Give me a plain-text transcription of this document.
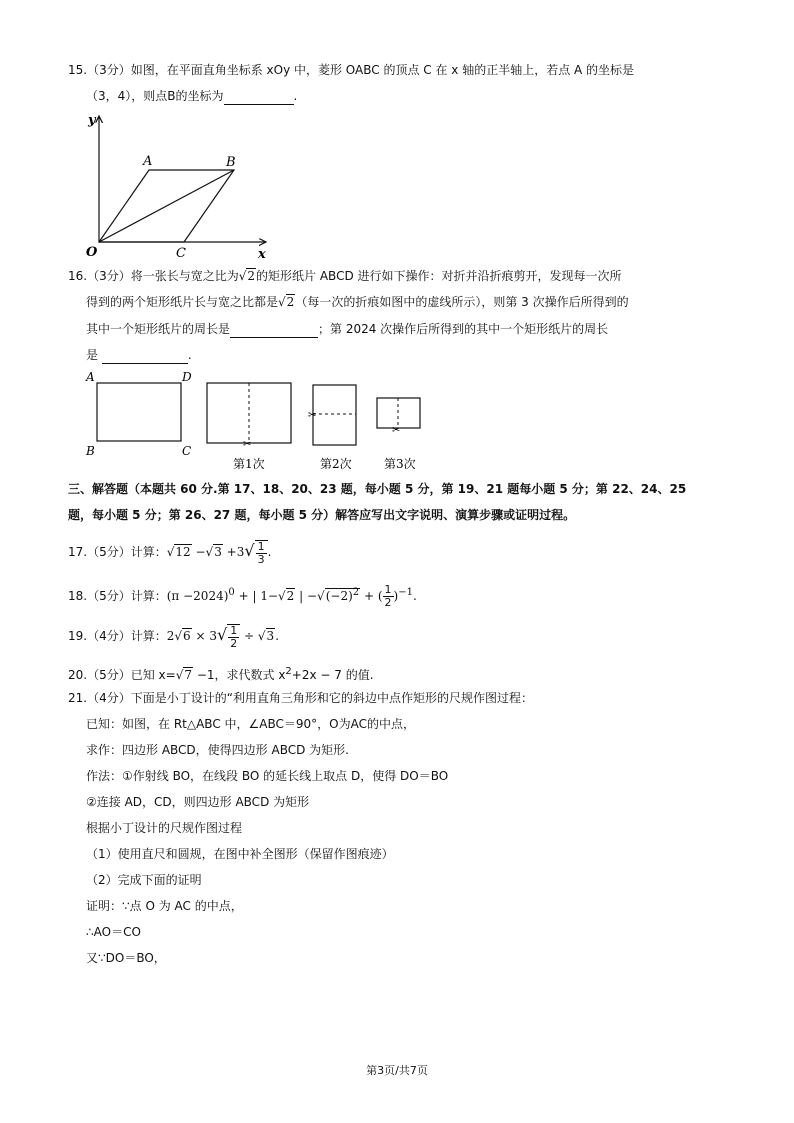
15.（3分）如图，在平面直角坐标系 xOy 中，菱形 OABC 的顶点 C 在 x 轴的正半轴上，若点 A 的坐标是
（3，4），则点B的坐标为	.
y
x
O
A	B
C
16.（3分）将一张长与宽之比为√2的矩形纸片 ABCD 进行如下操作：对折并沿折痕剪开，发现每一次所
得到的两个矩形纸片长与宽之比都是√2（每一次的折痕如图中的虚线所示），则第 3 次操作后所得到的
其中一个矩形纸片的周长是	；第 2024 次操作后所得到的其中一个矩形纸片的周长
是	.
A	D
B	C	✂
第1次
✂
第2次
✂
第3次
三、解答题（本题共 60 分.第 17、18、20、23 题，每小题 5 分，第 19、21 题每小题 5 分；第 22、24、25
题，每小题 5 分；第 26、27 题，每小题 5 分）解答应写出文字说明、演算步骤或证明过程。
17.（5分）计算：$√12 -√3 +3√ \frac{1}{3}$ .
18.（5分）计算：$(\pi -2024)^0$ + | 1−√2 | $-√(-2)^2$ + ( $\frac{1}{2} )^{-1}$.
19.（4分）计算：$2√6 \times 3√ \frac{1}{2} \div √3$.
20.（5分）已知 x=√7 −1，求代数式 $x^2+2x - 7$ 的值.
21.（4分）下面是小丁设计的“利用直角三角形和它的斜边中点作矩形的尺规作图过程：
已知：如图，在 Rt△ABC 中，∠ABC＝90°，O为AC的中点，
求作：四边形 ABCD，使得四边形 ABCD 为矩形.
作法：①作射线 BO，在线段 BO 的延长线上取点 D，使得 DO＝BO
②连接 AD，CD，则四边形 ABCD 为矩形
根据小丁设计的尺规作图过程
（1）使用直尺和圆规，在图中补全图形（保留作图痕迹）
（2）完成下面的证明
证明：∵点 O 为 AC 的中点，
∴AO＝CO
又∵DO＝BO，
第3页/共7页
